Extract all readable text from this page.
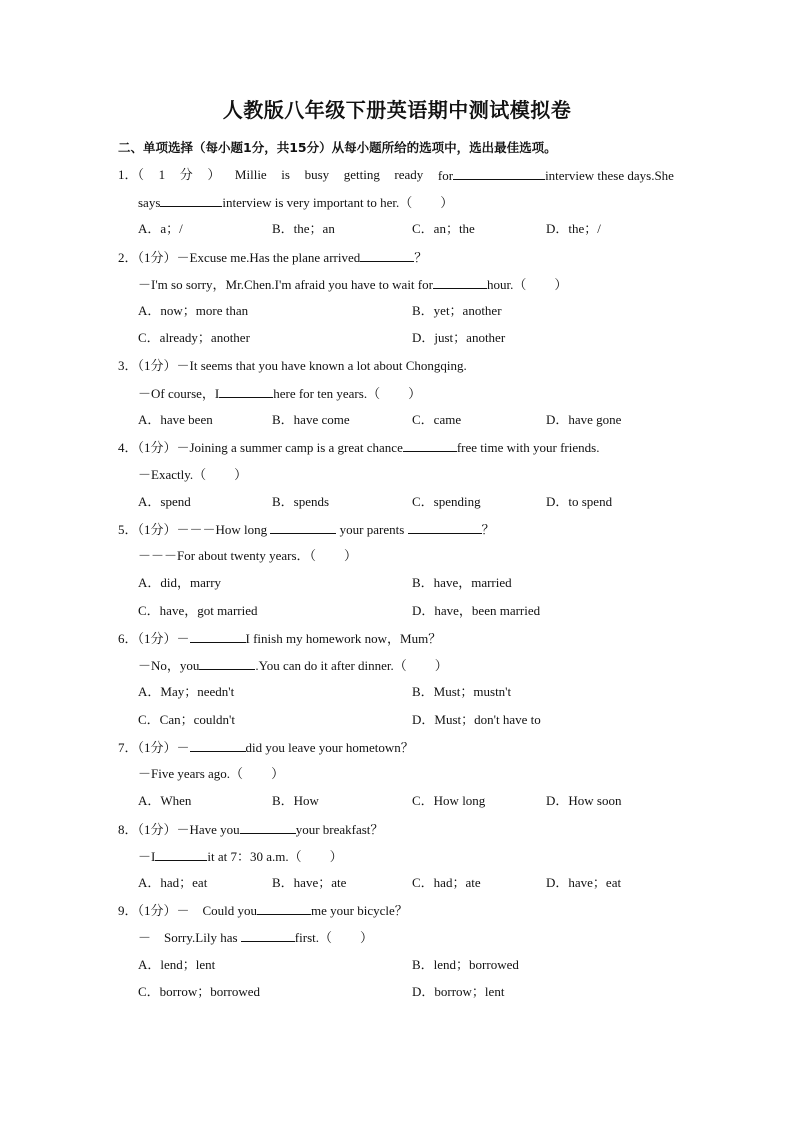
人教版八年级下册英语期中测试模拟卷
二、单项选择（每小题1分，共15分）从每小题所给的选项中，选出最佳选项。
1．（ 1 分 ） Millie is busy getting ready for	interview these days.She
says	interview is very important to her.（ ）
A．a；/	B．the；an	C．an；the	D．the；/
2．（1分）－Excuse me.Has the plane arrived	？
－I'm so sorry，Mr.Chen.I'm afraid you have to wait for	hour.（ ）
A．now；more than	B．yet；another
C．already；another	D．just；another
3．（1分）－It seems that you have known a lot about Chongqing.
－Of course，I	here for ten years.（ ）
A．have been	B．have come	C．came	D．have gone
4．（1分）－Joining a summer camp is a great chance	free time with your friends.
－Exactly.（ ）
A．spend	B．spends	C．spending	D．to spend
5．（1分）－－－How long	your parents	？
－－－For about twenty years．（ ）
A．did，marry	B．have，married
C．have，got married	D．have，been married
6．（1分）－	I finish my homework now，Mum？
－No，you	.You can do it after dinner.（ ）
A．May；needn't	B．Must；mustn't
C．Can；couldn't	D．Must；don't have to
7．（1分）－	did you leave your hometown？
－Five years ago.（ ）
A．When	B．How	C．How long	D．How soon
8．（1分）－Have you	your breakfast？
－I	it at 7：30 a.m.（ ）
A．had；eat	B．have；ate	C．had；ate	D．have；eat
9．（1分）－　Could you	me your bicycle？
－　Sorry.Lily has	first.（ ）
A．lend；lent	B．lend；borrowed
C．borrow；borrowed	D．borrow；lent
